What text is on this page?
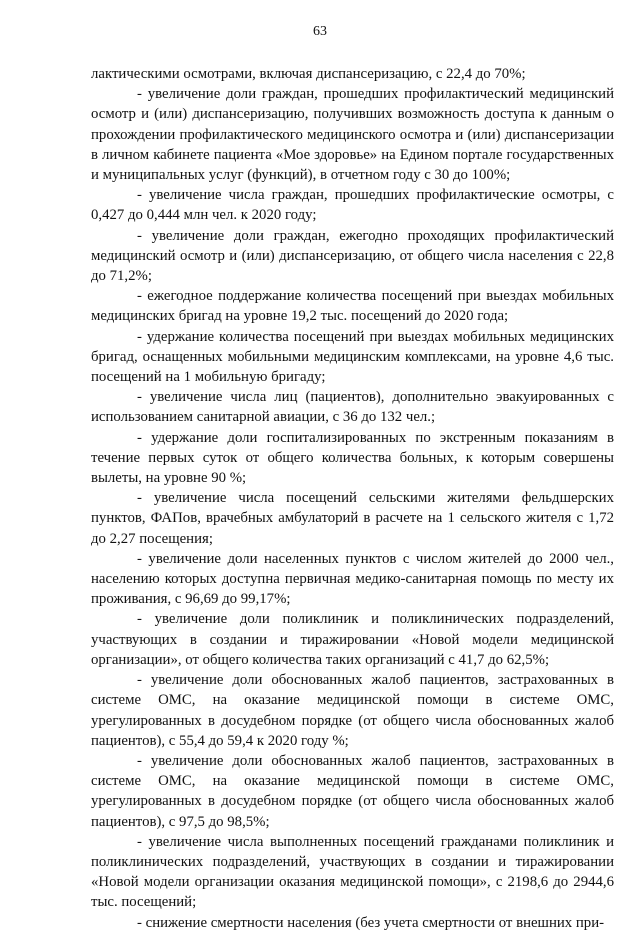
63

лактическими осмотрами, включая диспансеризацию, с 22,4 до 70%;

- увеличение доли граждан, прошедших профилактический медицинский осмотр и (или) диспансеризацию, получивших возможность доступа к данным о прохождении профилактического медицинского осмотра и (или) диспансеризации в личном кабинете пациента «Мое здоровье» на Едином портале государственных и муниципальных услуг (функций), в отчетном году с 30 до 100%;

- увеличение числа граждан, прошедших профилактические осмотры, с 0,427 до 0,444 млн чел. к 2020 году;

- увеличение доли граждан, ежегодно проходящих профилактический медицинский осмотр и (или) диспансеризацию, от общего числа населения с 22,8 до 71,2%;

- ежегодное поддержание количества посещений при выездах мобильных медицинских бригад на уровне 19,2 тыс. посещений до 2020 года;

- удержание количества посещений при выездах мобильных медицинских бригад, оснащенных мобильными медицинским комплексами, на уровне 4,6 тыс. посещений на 1 мобильную бригаду;

- увеличение числа лиц (пациентов), дополнительно эвакуированных с использованием санитарной авиации, с 36 до 132 чел.;

- удержание доли госпитализированных по экстренным показаниям в течение первых суток от общего количества больных, к которым совершены вылеты, на уровне 90 %;

- увеличение числа посещений сельскими жителями фельдшерских пунктов, ФАПов, врачебных амбулаторий в расчете на 1 сельского жителя с 1,72 до 2,27 посещения;

- увеличение доли населенных пунктов с числом жителей до 2000 чел., населению которых доступна первичная медико-санитарная помощь по месту их проживания, с 96,69 до 99,17%;

- увеличение доли поликлиник и поликлинических подразделений, участвующих в создании и тиражировании «Новой модели медицинской организации», от общего количества таких организаций с 41,7 до 62,5%;

- увеличение доли обоснованных жалоб пациентов, застрахованных в системе ОМС, на оказание медицинской помощи в системе ОМС, урегулированных в досудебном порядке (от общего числа обоснованных жалоб пациентов), с 55,4 до 59,4 к 2020 году %;

- увеличение доли обоснованных жалоб пациентов, застрахованных в системе ОМС, на оказание медицинской помощи в системе ОМС, урегулированных в досудебном порядке (от общего числа обоснованных жалоб пациентов), с 97,5 до 98,5%;

- увеличение числа выполненных посещений гражданами поликлиник и поликлинических подразделений, участвующих в создании и тиражировании «Новой модели организации оказания медицинской помощи», с 2198,6 до 2944,6 тыс. посещений;

- снижение смертности населения (без учета смертности от внешних при-
